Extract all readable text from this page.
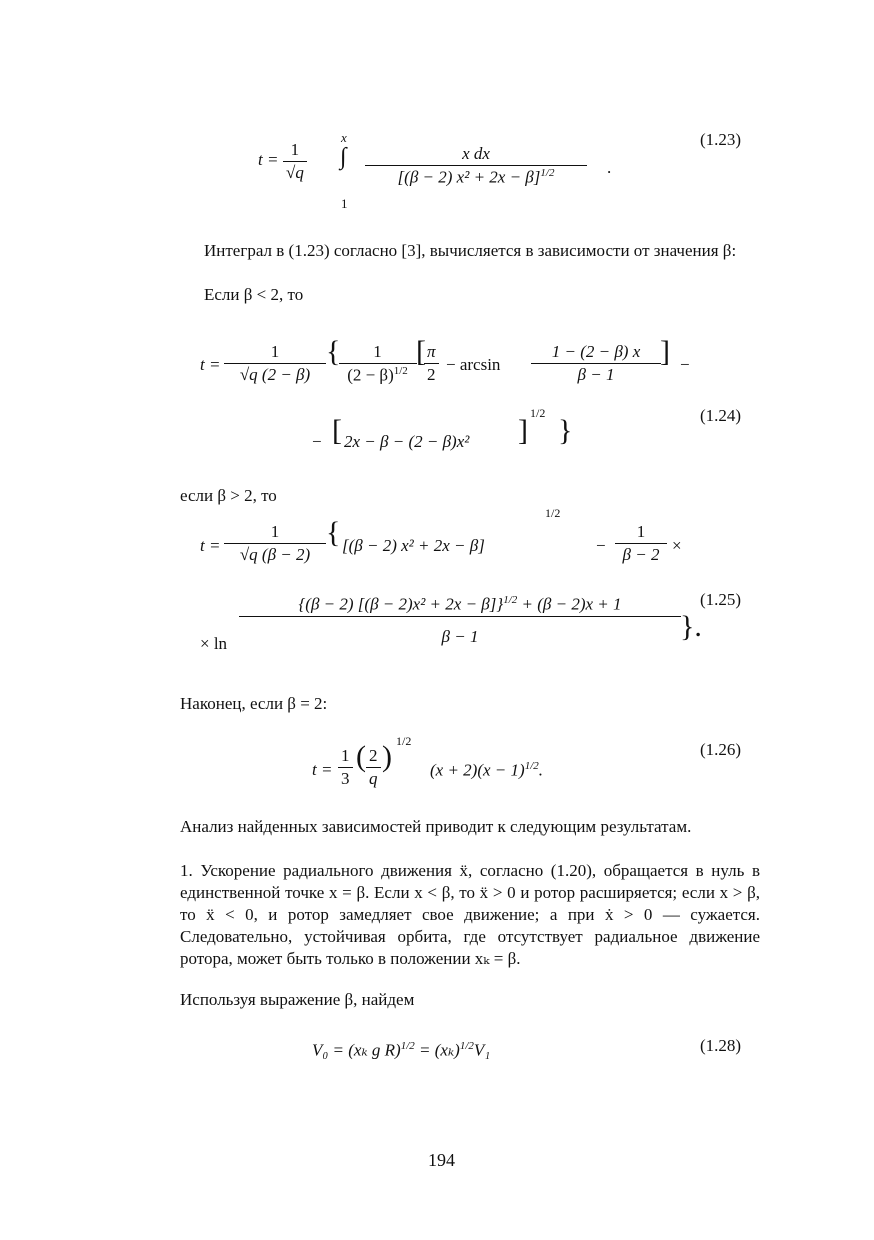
$t = \frac{1}{√q}$
x
∫
1
$\frac{\text{x dx}}{[(\beta - 2) x^2 + 2x - \beta]^{1/2}}$ .
(1.23)
Интеграл в (1.23) согласно [3], вычисляется в зависимости от значения β:
Если β < 2, то
$t = \frac{1}{√q (2 - \beta)}$ { $\frac{1}{(2 - \beta)^{1/2}}$ [
$\frac{\pi}{2} - \arcsin \frac{1 - (2 - \beta) x}{\beta - 1}$ ] −
− [ 2x − β − (2 − β)x² ]
1/2
}	(1.24)
если β > 2, то
$t = \frac{1}{√q (\beta - 2)}$ { [(β − 2) x² + 2x − β]
1/2
− $\frac{1}{\beta - 2}$ ×
× $\ln \frac{\{(\beta - 2) [(\beta - 2)x^2 + 2x - \beta]\}^{1/2} + (\beta - 2)x + 1}{\beta - 1}$ }.
(1.25)
Наконец, если β = 2:
$t = \frac{1}{3}$ ( $\frac{2}{q}$ ) 1/2
$(x + 2)(x - 1)^{1/2}$.
(1.26)
Анализ найденных зависимостей приводит к следующим результатам.
1. Ускорение радиального движения ẍ, согласно (1.20), обращается в нуль в единственной точке x = β. Если x < β, то ẍ > 0 и ротор расширяется; если x > β, то ẍ < 0, и ротор замедляет свое движение; а при ẋ > 0 — сужается. Следовательно, устойчивая орбита, где отсутствует радиальное движение ротора, может быть только в положении xₖ = β.
Используя выражение β, найдем
V₀ = (xₖ g $R)^{1/2} = (x_k)^{1/2}V_1$	(1.28)
194
